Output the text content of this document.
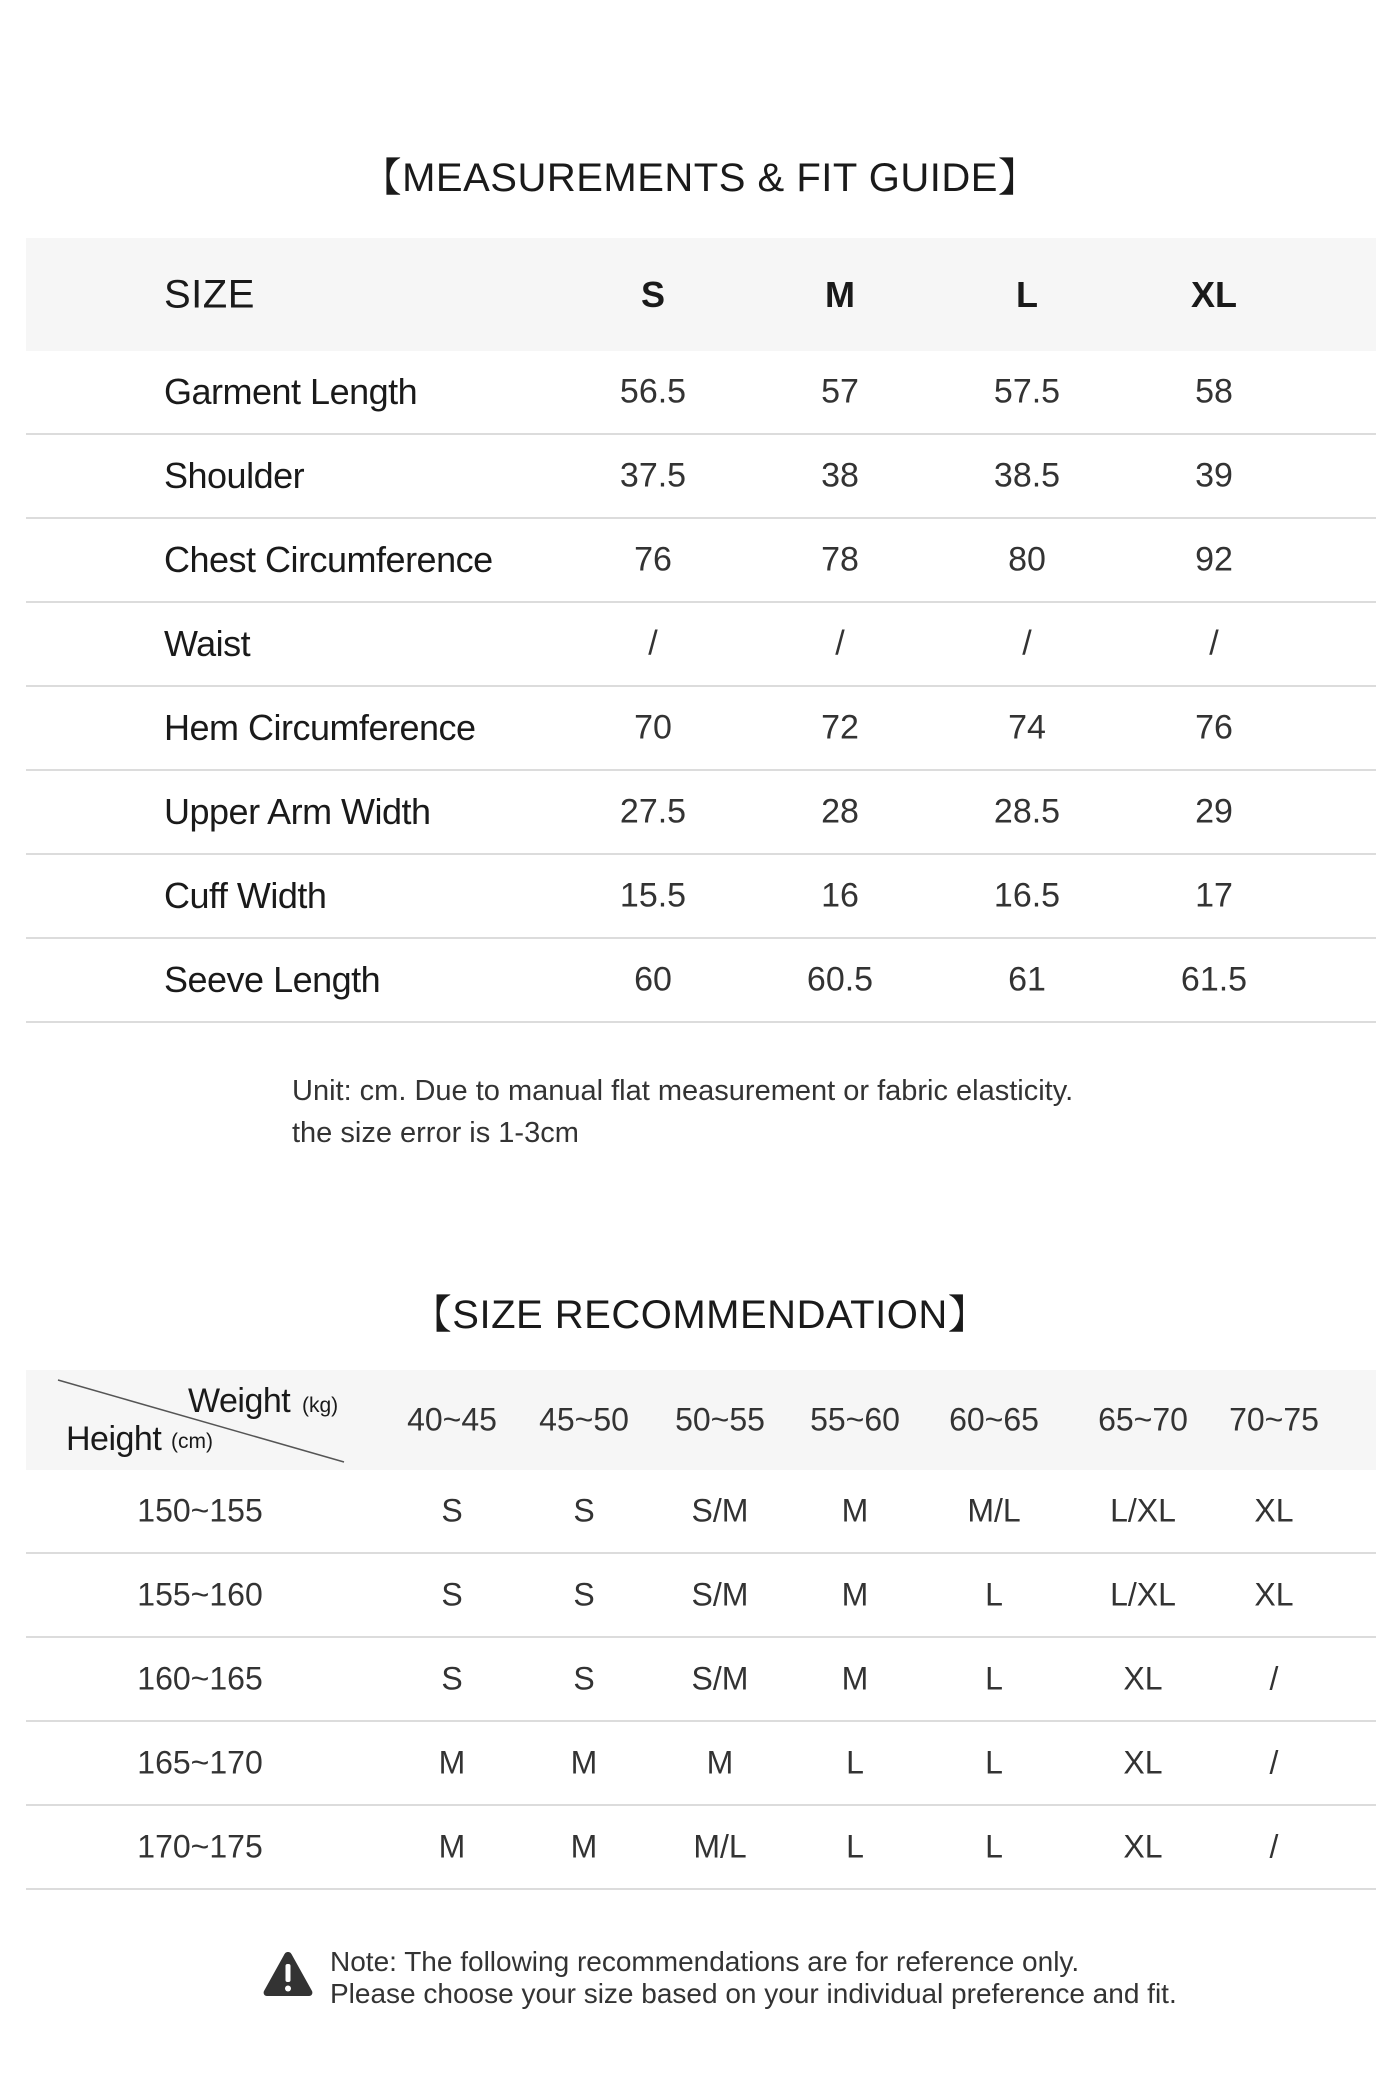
【MEASUREMENTS & FIT GUIDE】
SIZE	S	M	L	XL
Garment Length	56.5	57	57.5	58
Shoulder	37.5	38	38.5	39
Chest Circumference	76	78	80	92
Waist	/	/	/	/
Hem Circumference	70	72	74	76
Upper Arm Width	27.5	28	28.5	29
Cuff Width	15.5	16	16.5	17
Seeve Length	60	60.5	61	61.5
Unit: cm. Due to manual flat measurement or fabric elasticity.
the size error is 1-3cm
【SIZE RECOMMENDATION】
Weight (kg)
Height (cm)
40~45 45~50 50~55 55~60 60~65 65~70 70~75
150~155	S	S	S/M	M	M/L	L/XL XL
155~160	S	S	S/M	M	L	L/XL XL
160~165	S	S	S/M	M	L	XL	/
165~170	M	M	M	L	L	XL	/
170~175	M	M	M/L	L	L	XL	/
Note: The following recommendations are for reference only.
Please choose your size based on your individual preference and fit.
